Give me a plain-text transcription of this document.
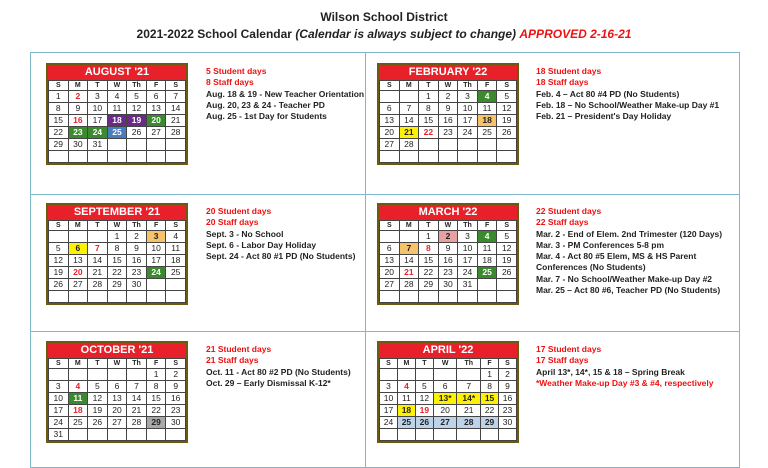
Wilson School District
2021-2022 School Calendar (Calendar is always subject to change) APPROVED 2-16-21
AUGUST '21
S	M	T	W	Th	F	S
1	2	3	4	5	6	7
8	9	10	11	12	13	14
15	16	17	18	19	20	21
22	23	24	25	26	27	28
29	30	31				

5 Student days
8 Staff days
Aug. 18 & 19 - New Teacher Orientation
Aug. 20, 23 & 24 - Teacher PD
Aug. 25 - 1st Day for Students
FEBRUARY '22
S	M	T	W	Th	F	S
		1	2	3	4	5
6	7	8	9	10	11	12
13	14	15	16	17	18	19
20	21	22	23	24	25	26
27	28					

18 Student days
18 Staff days
Feb. 4 – Act 80 #4 PD (No Students)
Feb. 18 – No School/Weather Make-up Day #1
Feb. 21 – President's Day Holiday
SEPTEMBER '21
S	M	T	W	Th	F	S
			1	2	3	4
5	6	7	8	9	10	11
12	13	14	15	16	17	18
19	20	21	22	23	24	25
26	27	28	29	30		

20 Student days
20 Staff days
Sept. 3 - No School
Sept. 6 - Labor Day Holiday
Sept. 24 - Act 80 #1 PD (No Students)
MARCH '22
S	M	T	W	Th	F	S
		1	2	3	4	5
6	7	8	9	10	11	12
13	14	15	16	17	18	19
20	21	22	23	24	25	26
27	28	29	30	31		

22 Student days
22 Staff days
Mar. 2 - End of Elem. 2nd Trimester (120 Days)
Mar. 3 - PM Conferences 5-8 pm
Mar. 4 - Act 80 #5 Elem, MS & HS Parent Conferences (No Students)
Mar. 7 - No School/Weather Make-up Day #2
Mar. 25 – Act 80 #6, Teacher PD (No Students)
OCTOBER '21
S	M	T	W	Th	F	S
					1	2
3	4	5	6	7	8	9
10	11	12	13	14	15	16
17	18	19	20	21	22	23
24	25	26	27	28	29	30
31						
21 Student days
21 Staff days
Oct. 11 - Act 80 #2 PD (No Students)
Oct. 29 – Early Dismissal K-12*
APRIL '22
S	M	T	W	Th	F	S
					1	2
3	4	5	6	7	8	9
10	11	12	13*	14*	15	16
17	18	19	20	21	22	23
24	25	26	27	28	29	30

17 Student days
17 Staff days
April 13*, 14*, 15 & 18 – Spring Break
*Weather Make-up Day #3 & #4, respectively
